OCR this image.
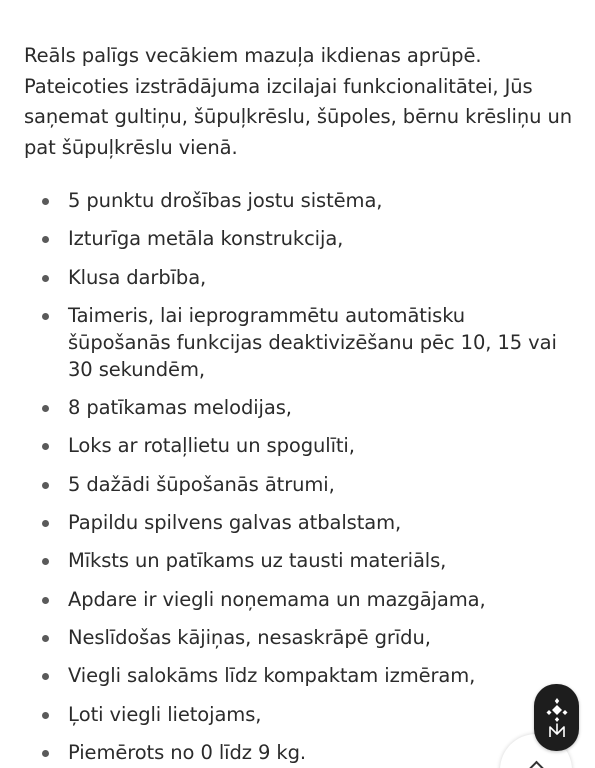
Reāls palīgs vecākiem mazuļa ikdienas aprūpē. Pateicoties izstrādājuma izcilajai funkcionalitātei, Jūs saņemat gultiņu, šūpuļkrēslu, šūpoles, bērnu krēsliņu un pat šūpuļkrēslu vienā.

5 punktu drošības jostu sistēma,
Izturīga metāla konstrukcija,
Klusa darbība,
Taimeris, lai ieprogrammētu automātisku šūpošanās funkcijas deaktivizēšanu pēc 10, 15 vai 30 sekundēm,
8 patīkamas melodijas,
Loks ar rotaļlietu un spogulīti,
5 dažādi šūpošanās ātrumi,
Papildu spilvens galvas atbalstam,
Mīksts un patīkams uz tausti materiāls,
Apdare ir viegli noņemama un mazgājama,
Neslīdošas kājiņas, nesaskrāpē grīdu,
Viegli salokāms līdz kompaktam izmēram,
Ļoti viegli lietojams,
Piemērots no 0 līdz 9 kg.
